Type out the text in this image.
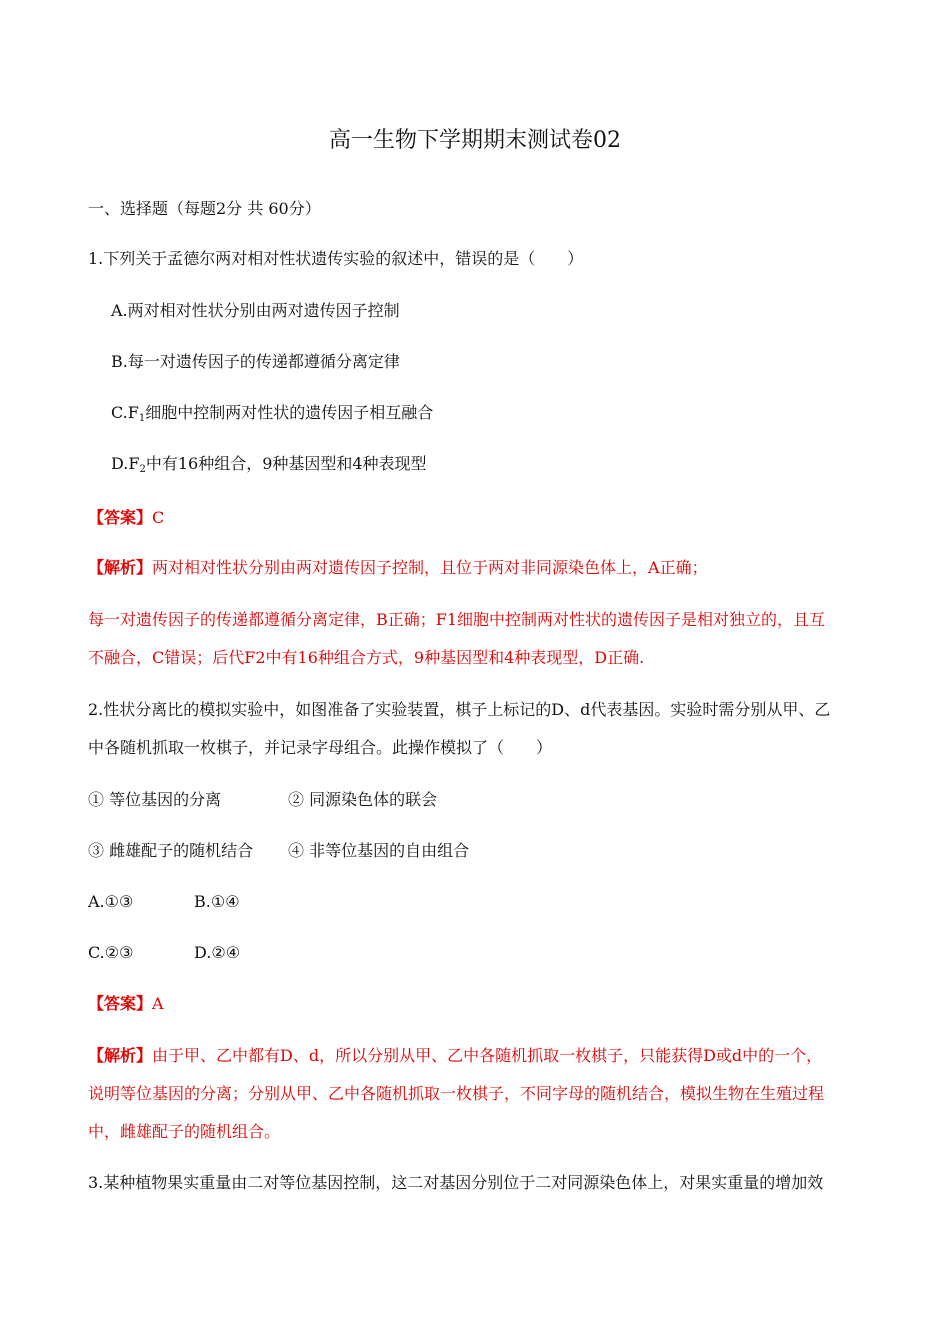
高一生物下学期期末测试卷02
一、选择题（每题2分 共 60分）
1.下列关于孟德尔两对相对性状遗传实验的叙述中，错误的是（　　）
A.两对相对性状分别由两对遗传因子控制
B.每一对遗传因子的传递都遵循分离定律
$C.F_1$细胞中控制两对性状的遗传因子相互融合
$D.F_2$中有16种组合，9种基因型和4种表现型
【答案】C
【解析】两对相对性状分别由两对遗传因子控制，且位于两对非同源染色体上，A正确；
每一对遗传因子的传递都遵循分离定律，B正确；F1细胞中控制两对性状的遗传因子是相对独立的，且互
不融合，C错误；后代F2中有16种组合方式，9种基因型和4种表现型，D正确.
2.性状分离比的模拟实验中，如图准备了实验装置，棋子上标记的D、d代表基因。实验时需分别从甲、乙
中各随机抓取一枚棋子，并记录字母组合。此操作模拟了（　　）
① 等位基因的分离	② 同源染色体的联会
③ 雌雄配子的随机结合 ④ 非等位基因的自由组合
A.①③	B.①④
C.②③	D.②④
【答案】A
【解析】由于甲、乙中都有D、d，所以分别从甲、乙中各随机抓取一枚棋子，只能获得D或d中的一个，
说明等位基因的分离；分别从甲、乙中各随机抓取一枚棋子，不同字母的随机结合，模拟生物在生殖过程
中，雌雄配子的随机组合。
3.某种植物果实重量由二对等位基因控制，这二对基因分别位于二对同源染色体上，对果实重量的增加效
